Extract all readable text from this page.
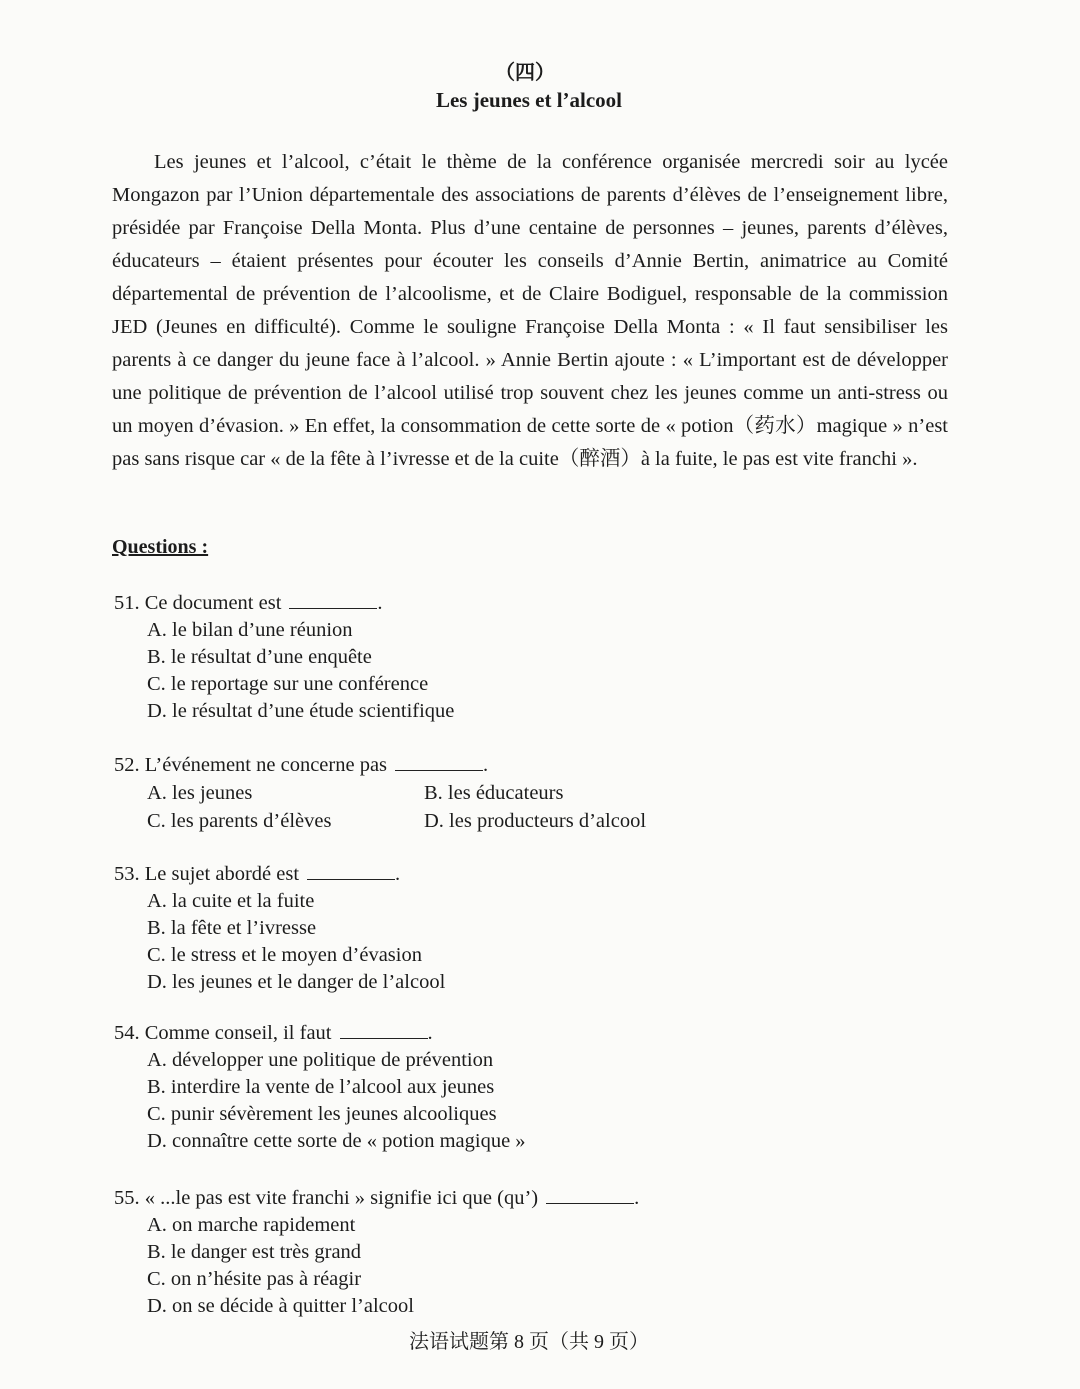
（四）
Les jeunes et l’alcool

Les jeunes et l’alcool, c’était le thème de la conférence organisée mercredi soir au lycée Mongazon par l’Union départementale des associations de parents d’élèves de l’enseignement libre, présidée par Françoise Della Monta. Plus d’une centaine de personnes – jeunes, parents d’élèves, éducateurs – étaient présentes pour écouter les conseils d’Annie Bertin, animatrice au Comité départemental de prévention de l’alcoolisme, et de Claire Bodiguel, responsable de la commission JED (Jeunes en difficulté). Comme le souligne Françoise Della Monta : « Il faut sensibiliser les parents à ce danger du jeune face à l’alcool. » Annie Bertin ajoute : « L’important est de développer une politique de prévention de l’alcool utilisé trop souvent chez les jeunes comme un anti-stress ou un moyen d’évasion. » En effet, la consommation de cette sorte de « potion（药水）magique » n’est pas sans risque car « de la fête à l’ivresse et de la cuite（醉酒）à la fuite, le pas est vite franchi ».

Questions :
51. Ce document est	.
A. le bilan d’une réunion
B. le résultat d’une enquête
C. le reportage sur une conférence
D. le résultat d’une étude scientifique
52. L’événement ne concerne pas	.
A. les jeunes	B. les éducateurs
C. les parents d’élèves	D. les producteurs d’alcool
53. Le sujet abordé est	.
A. la cuite et la fuite
B. la fête et l’ivresse
C. le stress et le moyen d’évasion
D. les jeunes et le danger de l’alcool
54. Comme conseil, il faut	.
A. développer une politique de prévention
B. interdire la vente de l’alcool aux jeunes
C. punir sévèrement les jeunes alcooliques
D. connaître cette sorte de « potion magique »
55. « ...le pas est vite franchi » signifie ici que (qu’)	.
A. on marche rapidement
B. le danger est très grand
C. on n’hésite pas à réagir
D. on se décide à quitter l’alcool
法语试题第 8 页（共 9 页）
